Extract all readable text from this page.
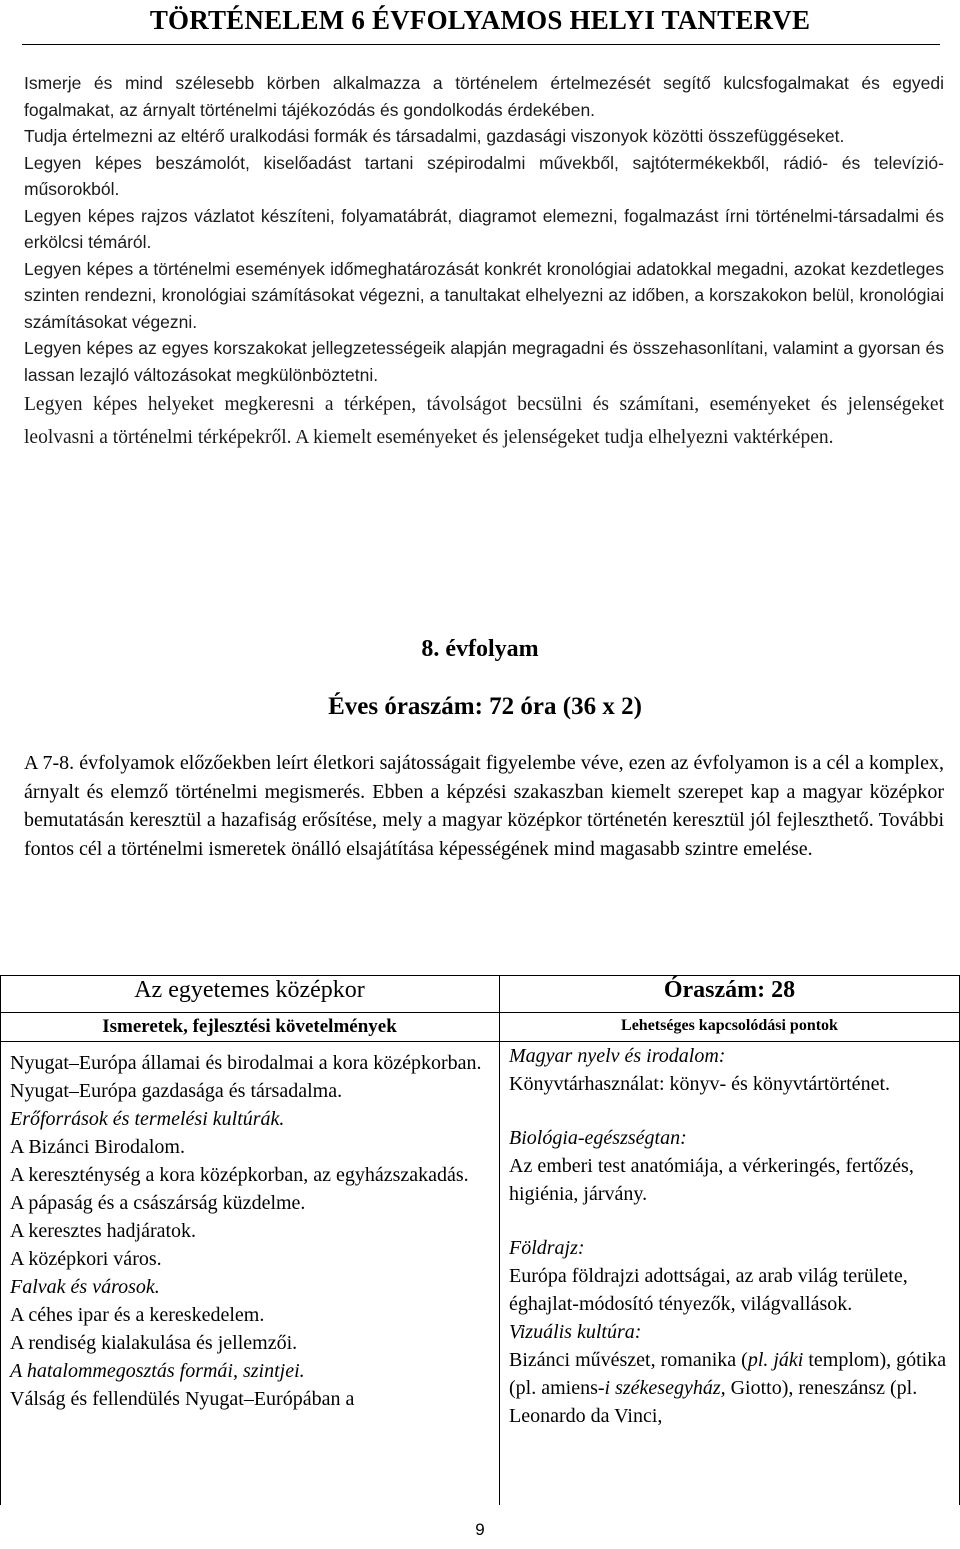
TÖRTÉNELEM 6 ÉVFOLYAMOS HELYI TANTERVE

Ismerje és mind szélesebb körben alkalmazza a történelem értelmezését segítő kulcsfogalmakat és egyedi fogalmakat, az árnyalt történelmi tájékozódás és gondolkodás érdekében.

Tudja értelmezni az eltérő uralkodási formák és társadalmi, gazdasági viszonyok közötti összefüggéseket.

Legyen képes beszámolót, kiselőadást tartani szépirodalmi művekből, sajtótermékekből, rádió- és televízió-műsorokból.

Legyen képes rajzos vázlatot készíteni, folyamatábrát, diagramot elemezni, fogalmazást írni történelmi-társadalmi és erkölcsi témáról.

Legyen képes a történelmi események időmeghatározását konkrét kronológiai adatokkal megadni, azokat kezdetleges szinten rendezni, kronológiai számításokat végezni, a tanultakat elhelyezni az időben, a korszakokon belül, kronológiai számításokat végezni.

Legyen képes az egyes korszakokat jellegzetességeik alapján megragadni és összehasonlítani, valamint a gyorsan és lassan lezajló változásokat megkülönböztetni.

Legyen képes helyeket megkeresni a térképen, távolságot becsülni és számítani, eseményeket és jelenségeket leolvasni a történelmi térképekről. A kiemelt eseményeket és jelenségeket tudja elhelyezni vaktérképen.

8. évfolyam
Éves óraszám: 72 óra (36 x 2)

A 7-8. évfolyamok előzőekben leírt életkori sajátosságait figyelembe véve, ezen az évfolyamon is a cél a komplex, árnyalt és elemző történelmi megismerés. Ebben a képzési szakaszban kiemelt szerepet kap a magyar középkor bemutatásán keresztül a hazafiság erősítése, mely a magyar középkor történetén keresztül jól fejleszthető. További fontos cél a történelmi ismeretek önálló elsajátítása képességének mind magasabb szintre emelése.

Az egyetemes középkor	Óraszám: 28
Ismeretek, fejlesztési követelmények	Lehetséges kapcsolódási pontok
Nyugat–Európa államai és birodalmai a kora középkorban.
Nyugat–Európa gazdasága és társadalma.
Erőforrások és termelési kultúrák.
A Bizánci Birodalom.
A kereszténység a kora középkorban, az egyházszakadás.
A pápaság és a császárság küzdelme.
A keresztes hadjáratok.
A középkori város.
Falvak és városok.
A céhes ipar és a kereskedelem.
A rendiség kialakulása és jellemzői.
A hatalommegosztás formái, szintjei.
Válság és fellendülés Nyugat–Európában a
Magyar nyelv és irodalom:
Könyvtárhasználat: könyv- és könyvtártörténet.
Biológia-egészségtan:
Az emberi test anatómiája, a vérkeringés, fertőzés, higiénia, járvány.
Földrajz:
Európa földrajzi adottságai, az arab világ területe, éghajlat-módosító tényezők, világvallások.
Vizuális kultúra:
Bizánci művészet, romanika (pl. jáki templom), gótika (pl. amiens-i székesegyház, Giotto), reneszánsz (pl. Leonardo da Vinci,
9
